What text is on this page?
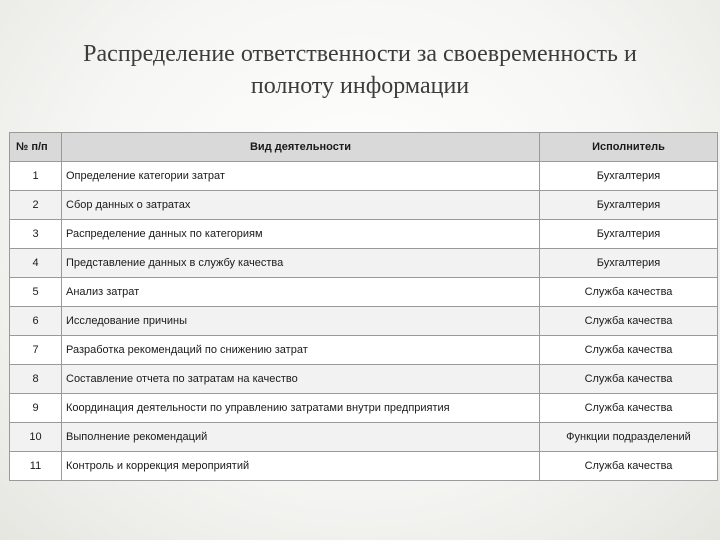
Распределение ответственности за своевременность и
полноту информации
№ п/п	Вид деятельности	Исполнитель
1	Определение категории затрат	Бухгалтерия
2	Сбор данных о затратах	Бухгалтерия
3	Распределение данных по категориям	Бухгалтерия
4	Представление данных в службу качества	Бухгалтерия
5	Анализ затрат	Служба качества
6	Исследование причины	Служба качества
7	Разработка рекомендаций по снижению затрат	Служба качества
8	Составление отчета по затратам на качество	Служба качества
9	Координация деятельности по управлению затратами внутри предприятия	Служба качества
10	Выполнение рекомендаций	Функции подразделений
11	Контроль и коррекция мероприятий	Служба качества
